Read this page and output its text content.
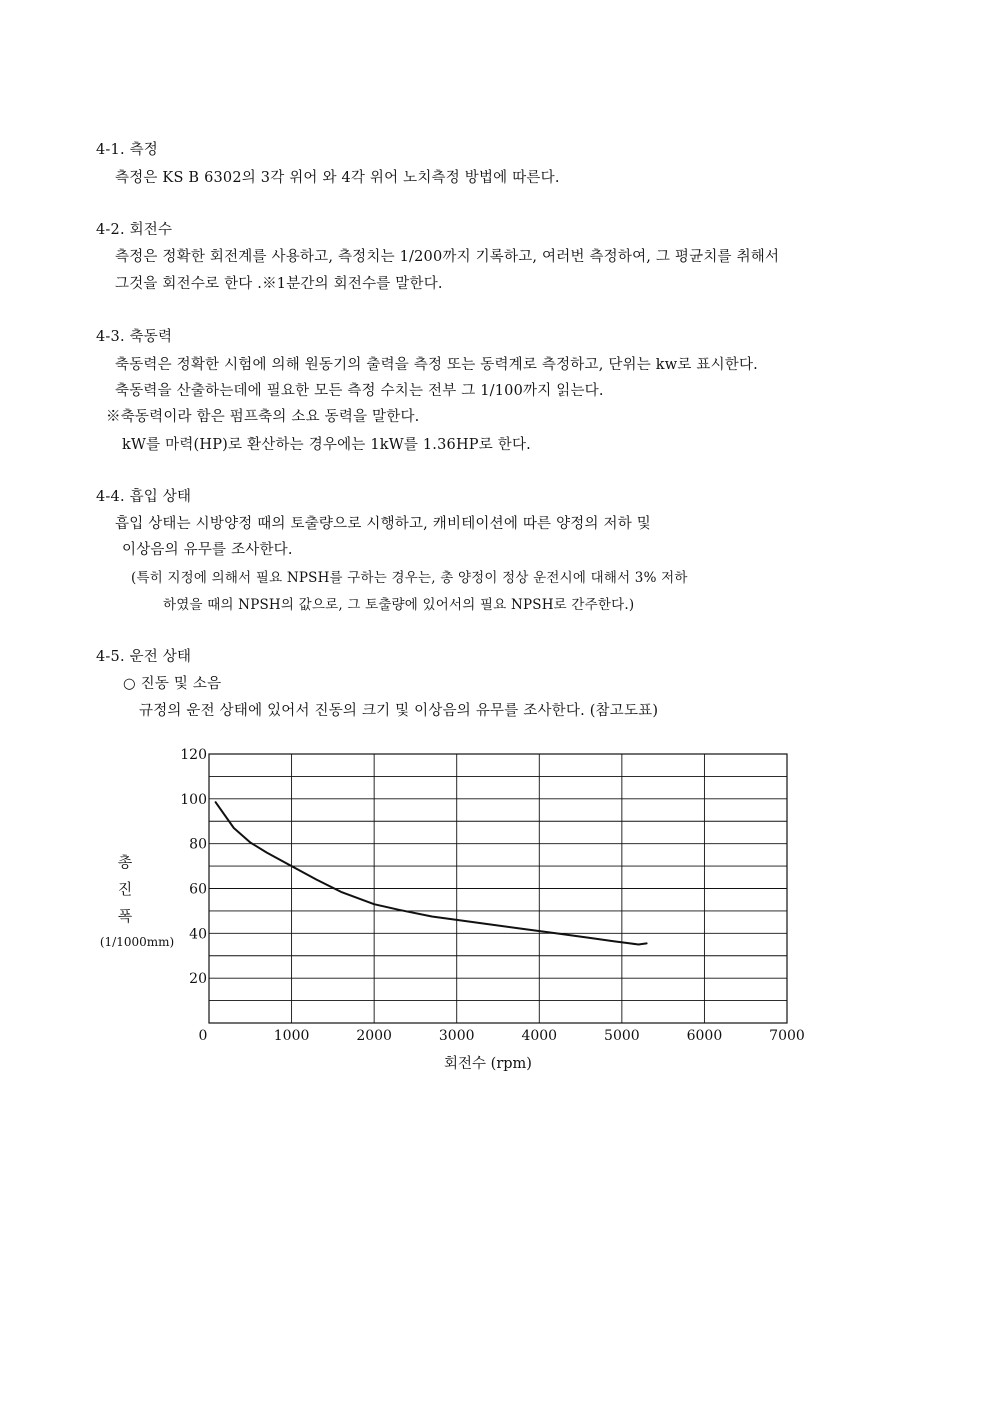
4-1. 측정
측정은 KS B 6302의 3각 위어 와 4각 위어 노치측정 방법에 따른다.
4-2. 회전수
측정은 정확한 회전계를 사용하고, 측정치는 1/200까지 기록하고, 여러번 측정하여, 그 평균치를 취해서
그것을 회전수로 한다 .※1분간의 회전수를 말한다.
4-3. 축동력
축동력은 정확한 시험에 의해 원동기의 출력을 측정 또는 동력계로 측정하고, 단위는 kw로 표시한다.
축동력을 산출하는데에 필요한 모든 측정 수치는 전부 그 1/100까지 읽는다.
※축동력이라 함은 펌프축의 소요 동력을 말한다.
kW를 마력(HP)로 환산하는 경우에는 1kW를 1.36HP로 한다.
4-4. 흡입 상태
흡입 상태는 시방양정 때의 토출량으로 시행하고, 캐비테이션에 따른 양정의 저하 및
이상음의 유무를 조사한다.
(특히 지정에 의해서 필요 NPSH를 구하는 경우는, 총 양정이 정상 운전시에 대해서 3% 저하
하였을 때의 NPSH의 값으로, 그 토출량에 있어서의 필요 NPSH로 간주한다.)
4-5. 운전 상태
○ 진동 및 소음
규정의 운전 상태에 있어서 진동의 크기 및 이상음의 유무를 조사한다. (참고도표)
0	1000	2000	3000	4000	5000	6000	7000
20
40
60
80
100
120
회전수 (rpm)
총
진
폭
(1/1000mm)
